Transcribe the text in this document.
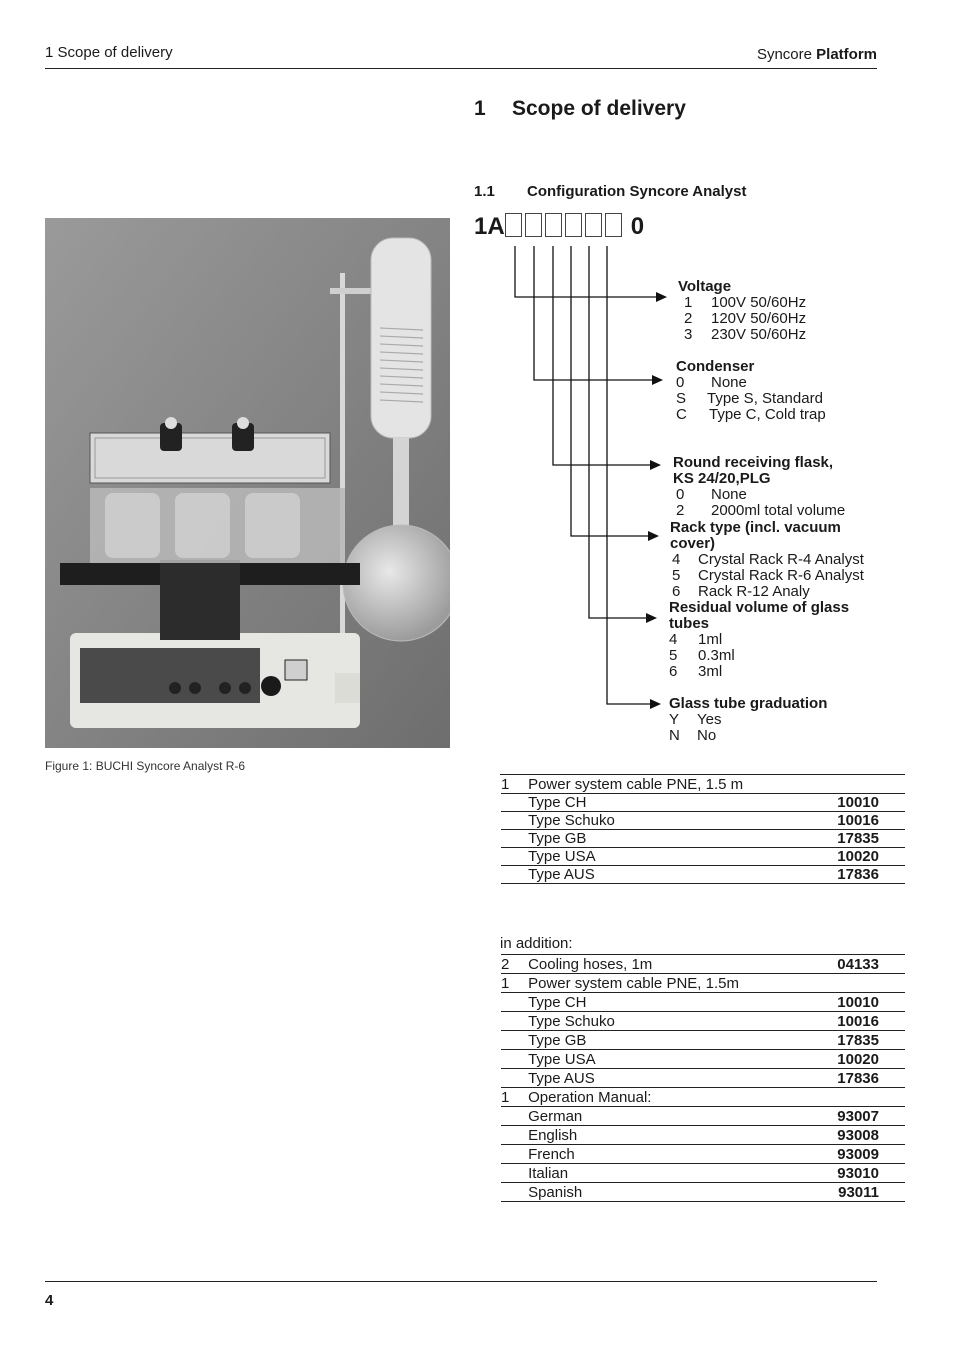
1 Scope of delivery	Syncore Platform
1 Scope of delivery
1.1 Configuration Syncore Analyst
1A	0
Voltage
1 100V 50/60Hz
2 120V 50/60Hz
3 230V 50/60Hz
Condenser
0 None
S Type S, Standard
C Type C, Cold trap
Round receiving flask,
KS 24/20,PLG
0 None
2 2000ml total volume
Rack type (incl. vacuum
cover)
4 Crystal Rack R-4 Analyst
5 Crystal Rack R-6 Analyst
6 Rack R-12 Analy
Residual volume of glass
tubes
4 1ml
5 0.3ml
6 3ml
Glass tube graduation
Y Yes
N No
Figure 1: BUCHI Syncore Analyst R-6
1	Power system cable PNE, 1.5 m	
	Type CH	10010
	Type Schuko	10016
	Type GB	17835
	Type USA	10020
	Type AUS	17836
in addition:
2	Cooling hoses, 1m	04133
1	Power system cable PNE, 1.5m	
	Type CH	10010
	Type Schuko	10016
	Type GB	17835
	Type USA	10020
	Type AUS	17836
1	Operation Manual:	
	German	93007
	English	93008
	French	93009
	Italian	93010
	Spanish	93011
4
